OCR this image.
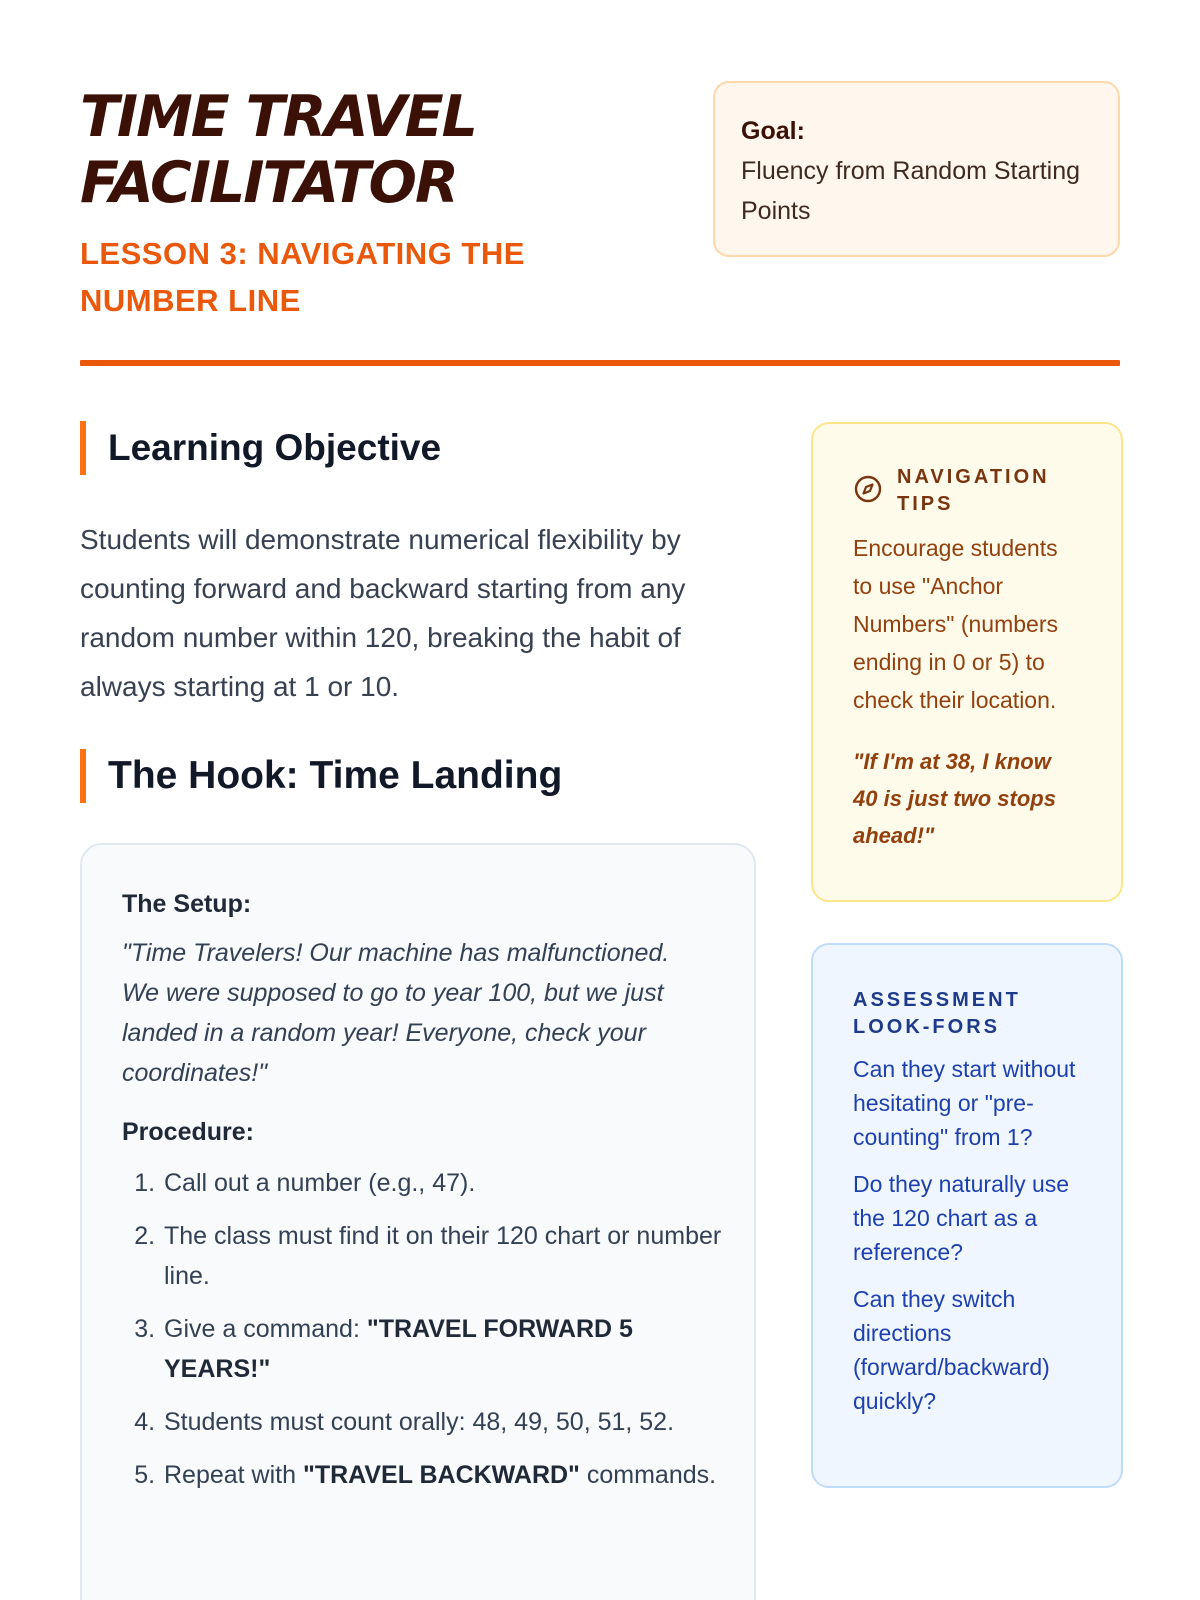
TIME TRAVEL FACILITATOR
LESSON 3: NAVIGATING THE NUMBER LINE
Goal:
Fluency from Random Starting Points
Learning Objective

Students will demonstrate numerical flexibility by counting forward and backward starting from any random number within 120, breaking the habit of always starting at 1 or 10.

The Hook: Time Landing
The Setup:

"Time Travelers! Our machine has malfunctioned. We were supposed to go to year 100, but we just landed in a random year! Everyone, check your coordinates!"

Procedure:
1. Call out a number (e.g., 47).
2. The class must find it on their 120 chart or number line.
3. Give a command: "TRAVEL FORWARD 5 YEARS!"
4. Students must count orally: 48, 49, 50, 51, 52.
5. Repeat with "TRAVEL BACKWARD" commands.
NAVIGATION TIPS

Encourage students to use "Anchor Numbers" (numbers ending in 0 or 5) to check their location.

"If I'm at 38, I know 40 is just two stops ahead!"

ASSESSMENT LOOK-FORS
Can they start without hesitating or "pre-counting" from 1?
Do they naturally use the 120 chart as a reference?
Can they switch directions (forward/backward) quickly?
